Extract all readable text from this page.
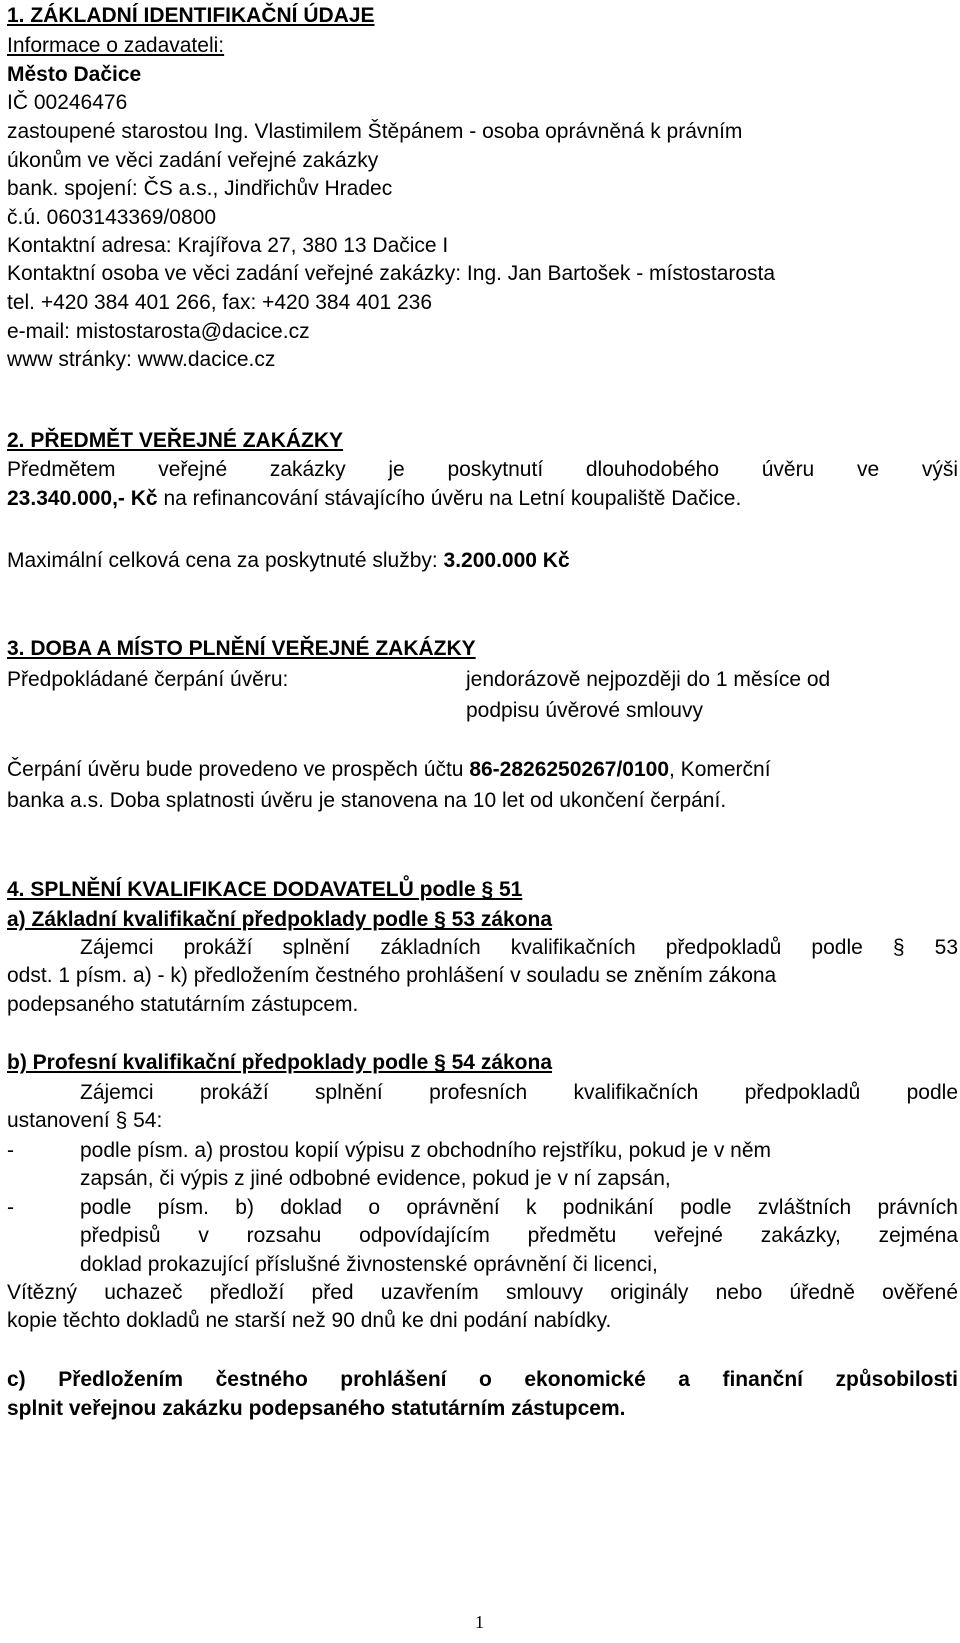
1. ZÁKLADNÍ IDENTIFIKAČNÍ ÚDAJE
Informace o zadavateli:
Město Dačice
IČ 00246476
zastoupené starostou Ing. Vlastimilem Štěpánem - osoba oprávněná k právním
úkonům ve věci zadání veřejné zakázky
bank. spojení: ČS a.s., Jindřichův Hradec
č.ú. 0603143369/0800
Kontaktní adresa: Krajířova 27, 380 13 Dačice I
Kontaktní osoba ve věci zadání veřejné zakázky: Ing. Jan Bartošek - místostarosta
tel. +420 384 401 266, fax: +420 384 401 236
e-mail: mistostarosta@dacice.cz
www stránky: www.dacice.cz
2. PŘEDMĚT VEŘEJNÉ ZAKÁZKY
Předmětem veřejné zakázky je poskytnutí dlouhodobého úvěru ve výši
23.340.000,- Kč na refinancování stávajícího úvěru na Letní koupaliště Dačice.
Maximální celková cena za poskytnuté služby: 3.200.000 Kč
3. DOBA A MÍSTO PLNĚNÍ VEŘEJNÉ ZAKÁZKY
Předpokládané čerpání úvěru:	jendorázově nejpozději do 1 měsíce od
podpisu úvěrové smlouvy
Čerpání úvěru bude provedeno ve prospěch účtu 86-2826250267/0100, Komerční
banka a.s. Doba splatnosti úvěru je stanovena na 10 let od ukončení čerpání.
4. SPLNĚNÍ KVALIFIKACE DODAVATELŮ podle § 51
a) Základní kvalifikační předpoklady podle § 53 zákona
Zájemci prokáží splnění základních kvalifikačních předpokladů podle § 53
odst. 1 písm. a) - k) předložením čestného prohlášení v souladu se zněním zákona
podepsaného statutárním zástupcem.
b) Profesní kvalifikační předpoklady podle § 54 zákona
Zájemci prokáží splnění profesních kvalifikačních předpokladů podle
ustanovení § 54:
-	podle písm. a) prostou kopií výpisu z obchodního rejstříku, pokud je v něm
zapsán, či výpis z jiné odbobné evidence, pokud je v ní zapsán,
-	podle písm. b) doklad o oprávnění k podnikání podle zvláštních právních
předpisů v rozsahu odpovídajícím předmětu veřejné zakázky, zejména
doklad prokazující příslušné živnostenské oprávnění či licenci,
Vítězný uchazeč předloží před uzavřením smlouvy originály nebo úředně ověřené
kopie těchto dokladů ne starší než 90 dnů ke dni podání nabídky.
c) Předložením čestného prohlášení o ekonomické a finanční způsobilosti
splnit veřejnou zakázku podepsaného statutárním zástupcem.
1
